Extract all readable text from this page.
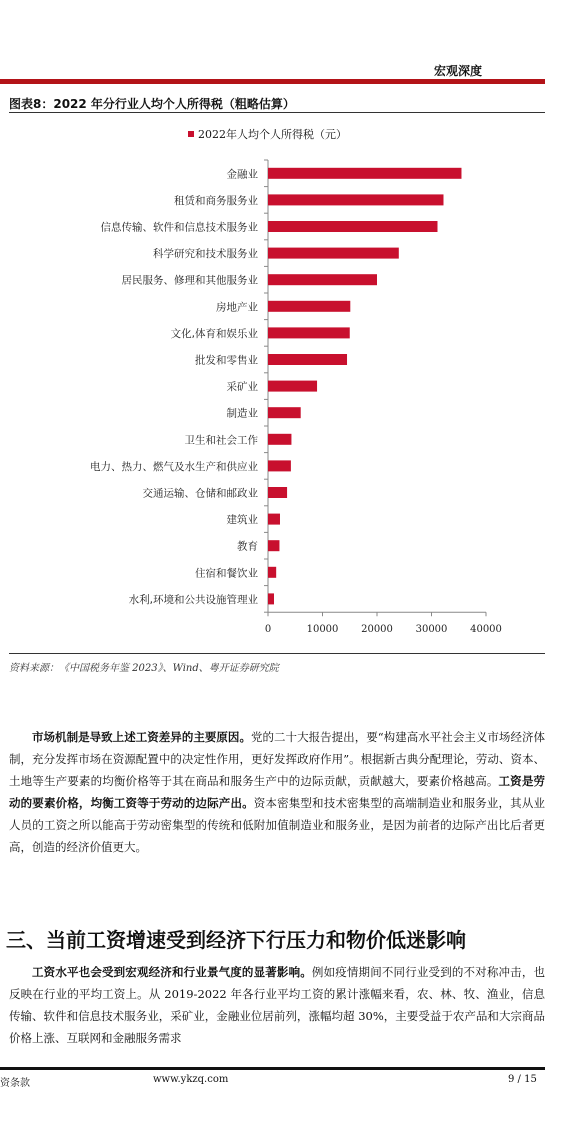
宏观深度
图表8：2022 年分行业人均个人所得税（粗略估算）
2022年人均个人所得税（元）
金融业
租赁和商务服务业
信息传输、软件和信息技术服务业
科学研究和技术服务业
居民服务、修理和其他服务业
房地产业
文化,体育和娱乐业
批发和零售业
采矿业
制造业
卫生和社会工作
电力、热力、燃气及水生产和供应业
交通运输、仓储和邮政业
建筑业
教育
住宿和餐饮业
水利,环境和公共设施管理业
0	10000 20000 30000 40000
资料来源：《中国税务年鉴 2023》、Wind、粤开证券研究院
市场机制是导致上述工资差异的主要原因。党的二十大报告提出，要“构建高水平社会主义市场经济体制，充分发挥市场在资源配置中的决定性作用，更好发挥政府作用”。根据新古典分配理论，劳动、资本、土地等生产要素的均衡价格等于其在商品和服务生产中的边际贡献，贡献越大，要素价格越高。工资是劳动的要素价格，均衡工资等于劳动的边际产出。资本密集型和技术密集型的高端制造业和服务业，其从业人员的工资之所以能高于劳动密集型的传统和低附加值制造业和服务业，是因为前者的边际产出比后者更高，创造的经济价值更大。
三、当前工资增速受到经济下行压力和物价低迷影响
工资水平也会受到宏观经济和行业景气度的显著影响。例如疫情期间不同行业受到的不对称冲击，也反映在行业的平均工资上。从 2019-2022 年各行业平均工资的累计涨幅来看，农、林、牧、渔业，信息传输、软件和信息技术服务业，采矿业，金融业位居前列，涨幅均超 30%，主要受益于农产品和大宗商品价格上涨、互联网和金融服务需求
资条款	www.ykzq.com	9 / 15
